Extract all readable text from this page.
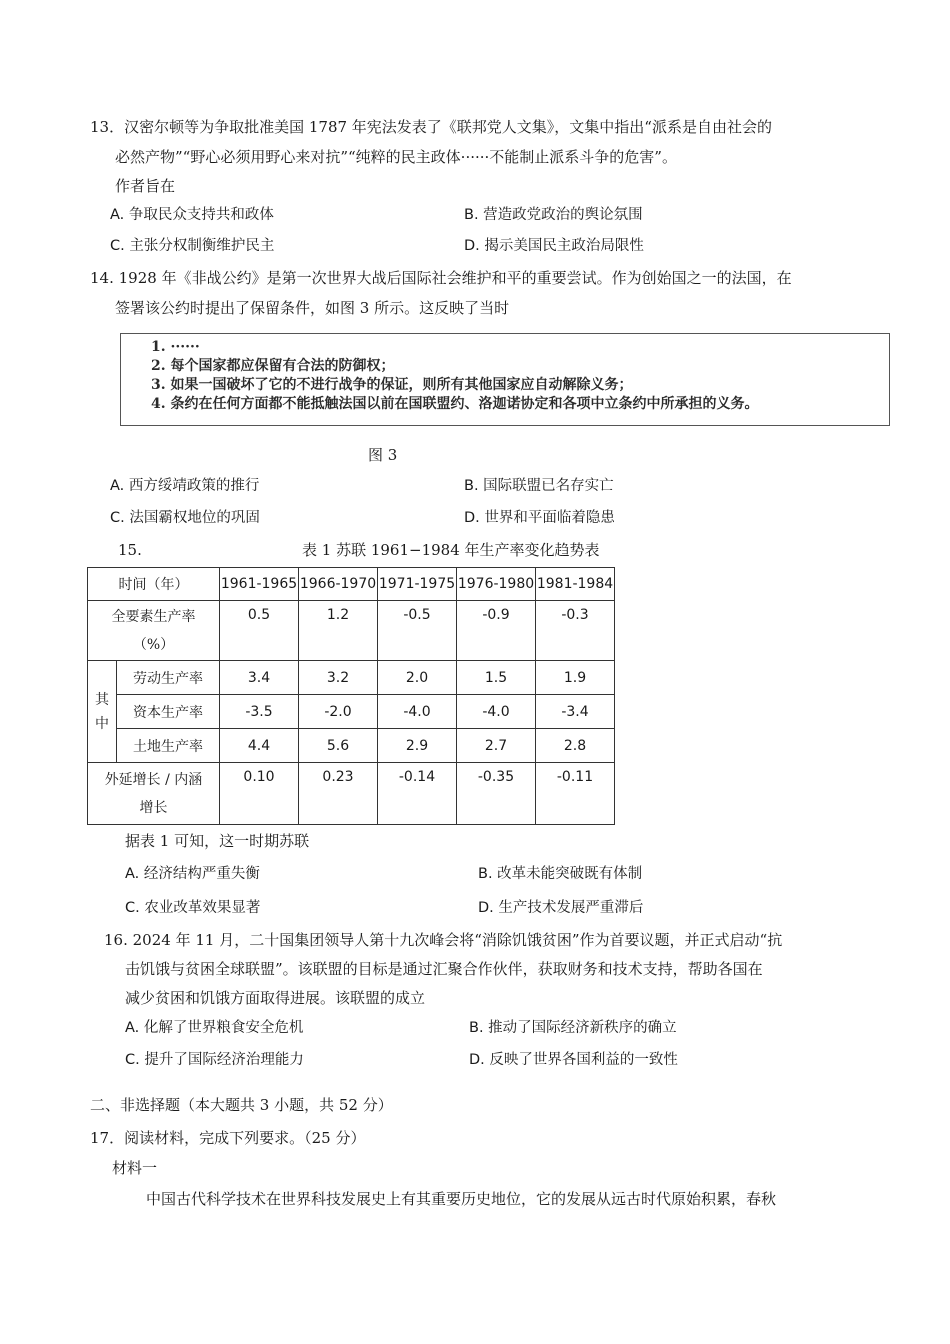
13．汉密尔顿等为争取批准美国 1787 年宪法发表了《联邦党人文集》，文集中指出“派系是自由社会的
必然产物”“野心必须用野心来对抗”“纯粹的民主政体······不能制止派系斗争的危害”。
作者旨在
A. 争取民众支持共和政体	B. 营造政党政治的舆论氛围
C. 主张分权制衡维护民主	D. 揭示美国民主政治局限性
14. 1928 年《非战公约》是第一次世界大战后国际社会维护和平的重要尝试。作为创始国之一的法国，在
签署该公约时提出了保留条件，如图 3 所示。这反映了当时
1. ······
2. 每个国家都应保留有合法的防御权；
3. 如果一国破坏了它的不进行战争的保证，则所有其他国家应自动解除义务；
4. 条约在任何方面都不能抵触法国以前在国联盟约、洛迦诺协定和各项中立条约中所承担的义务。
图 3
A. 西方绥靖政策的推行	B. 国际联盟已名存实亡
C. 法国霸权地位的巩固	D. 世界和平面临着隐患
15.	表 1 苏联 1961−1984 年生产率变化趋势表
时间（年）		1961-1965	1966-1970	1971-1975	1976-1980	1981-1984

全要素生产率
（%）		0.5	1.2	-0.5	-0.9	-0.3

其
中	劳动生产率	3.4	3.2	2.0	1.5	1.9
	资本生产率	-3.5	-2.0	-4.0	-4.0	-3.4
	土地生产率	4.4	5.6	2.9	2.7	2.8

外延增长 / 内涵
增长		0.10	0.23	-0.14	-0.35	-0.11
据表 1 可知，这一时期苏联
A. 经济结构严重失衡	B. 改革未能突破既有体制
C. 农业改革效果显著	D. 生产技术发展严重滞后
16. 2024 年 11 月，二十国集团领导人第十九次峰会将“消除饥饿贫困”作为首要议题，并正式启动“抗
击饥饿与贫困全球联盟”。该联盟的目标是通过汇聚合作伙伴，获取财务和技术支持，帮助各国在
减少贫困和饥饿方面取得进展。该联盟的成立
A. 化解了世界粮食安全危机	B. 推动了国际经济新秩序的确立
C. 提升了国际经济治理能力	D. 反映了世界各国利益的一致性
二、非选择题（本大题共 3 小题，共 52 分）
17．阅读材料，完成下列要求。（25 分）
材料一
中国古代科学技术在世界科技发展史上有其重要历史地位，它的发展从远古时代原始积累，春秋
